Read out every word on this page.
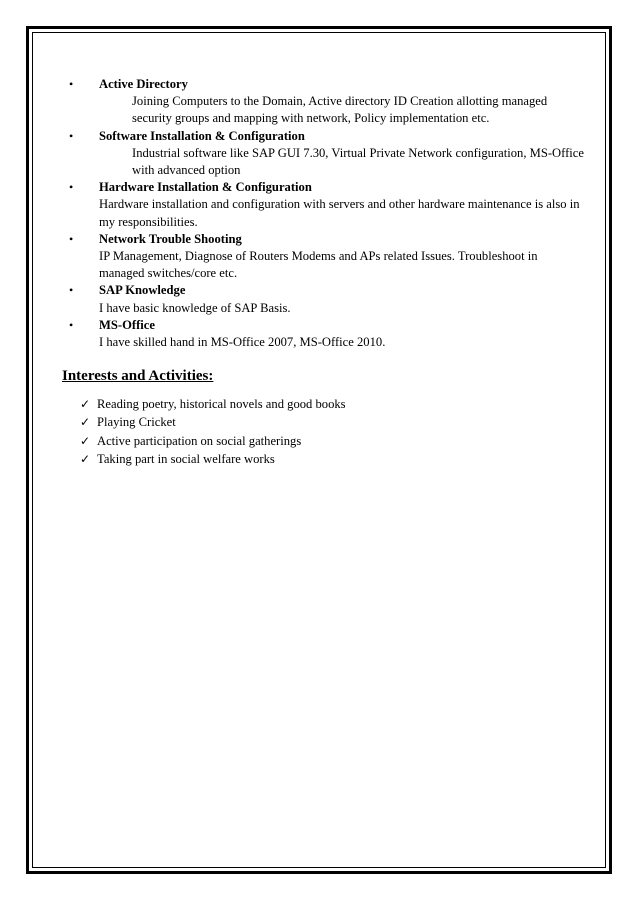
• Active Directory
Joining Computers to the Domain, Active directory ID Creation allotting managed security groups and mapping with network, Policy implementation etc.
• Software Installation & Configuration
Industrial software like SAP GUI 7.30, Virtual Private Network configuration, MS-Office with advanced option
• Hardware Installation & Configuration
Hardware installation and configuration with servers and other hardware maintenance is also in my responsibilities.
• Network Trouble Shooting
IP Management, Diagnose of Routers Modems and APs related Issues. Troubleshoot in managed switches/core etc.
• SAP Knowledge
I have basic knowledge of SAP Basis.
• MS-Office
I have skilled hand in MS-Office 2007, MS-Office 2010.
Interests and Activities:
✓ Reading poetry, historical novels and good books
✓ Playing Cricket
✓ Active participation on social gatherings
✓ Taking part in social welfare works
